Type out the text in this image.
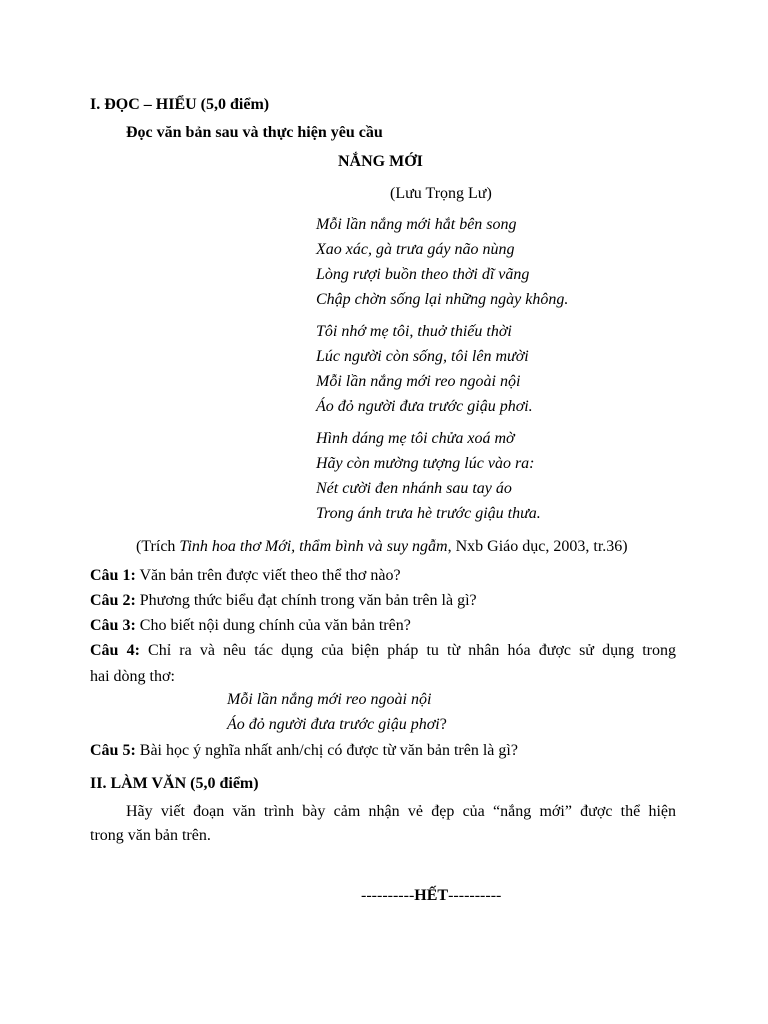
I. ĐỌC – HIỂU (5,0 điểm)
Đọc văn bản sau và thực hiện yêu cầu
NẮNG MỚI
(Lưu Trọng Lư)
Mỗi lần nắng mới hắt bên song
Xao xác, gà trưa gáy não nùng
Lòng rượi buồn theo thời dĩ vãng
Chập chờn sống lại những ngày không.
Tôi nhớ mẹ tôi, thuở thiếu thời
Lúc người còn sống, tôi lên mười
Mỗi lần nắng mới reo ngoài nội
Áo đỏ người đưa trước giậu phơi.
Hình dáng mẹ tôi chửa xoá mờ
Hãy còn mường tượng lúc vào ra:
Nét cười đen nhánh sau tay áo
Trong ánh trưa hè trước giậu thưa.
(Trích Tinh hoa thơ Mới, thẩm bình và suy ngẫm, Nxb Giáo dục, 2003, tr.36)
Câu 1: Văn bản trên được viết theo thể thơ nào?
Câu 2: Phương thức biểu đạt chính trong văn bản trên là gì?
Câu 3: Cho biết nội dung chính của văn bản trên?
Câu 4: Chỉ ra và nêu tác dụng của biện pháp tu từ nhân hóa được sử dụng trong
hai dòng thơ:
Mỗi lần nắng mới reo ngoài nội
Áo đỏ người đưa trước giậu phơi?
Câu 5: Bài học ý nghĩa nhất anh/chị có được từ văn bản trên là gì?
II. LÀM VĂN (5,0 điểm)
Hãy viết đoạn văn trình bày cảm nhận vẻ đẹp của “nắng mới” được thể hiện
trong văn bản trên.
----------HẾT----------
